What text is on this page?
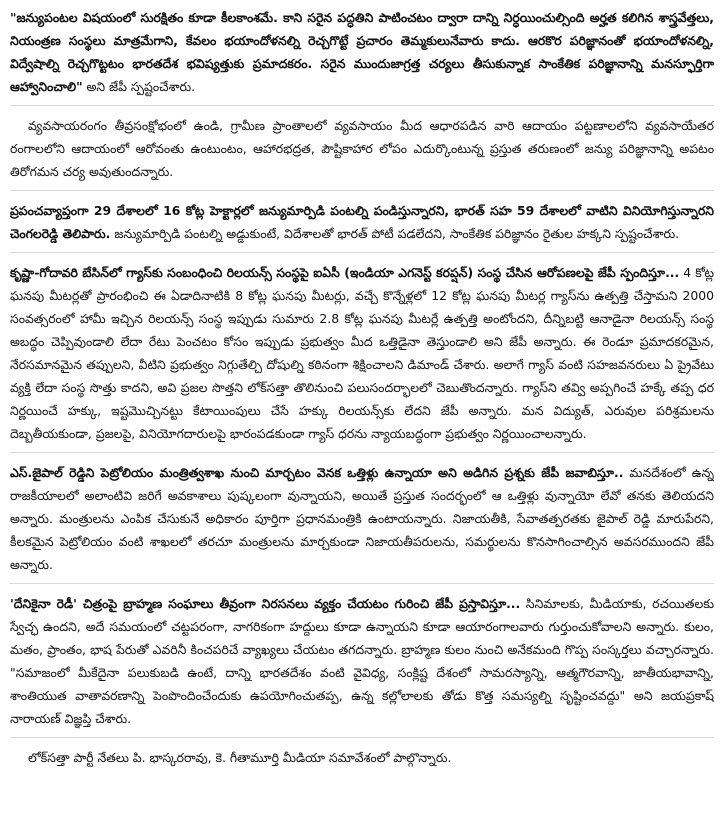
"జన్యుపంటల విషయంలో సురక్షితం కూడా కీలకాంశమే. కాని సరైన పద్ధతిని పాటించటం ద్వారా దాన్ని నిర్ధయించుల్సింది అర్హత కలిగిన శాస్త్రవేత్తలు, నియంత్రణ సంస్థలు మాత్రమేగాని, కేవలం భయాందోళనల్ని రెచ్చగొట్టే ప్రచారం తెమ్మకులునేవారు కాదు. ఆరకొర పరిజ్ఞానంతో భయాందోళనల్ని, విద్వేషాల్ని రెచ్చగొట్టటం భారతదేశ భవిష్యత్తుకు ప్రమాదకరం. సరైన ముందుజాగ్రత్త చర్యలు తీసుకున్నాక సాంకేతిక పరిజ్ఞానాన్ని మనస్ఫూర్తిగా ఆహ్వానించాలి" అని జేపీ స్పష్టంచేశారు.

వ్యవసాయరంగం తీవ్రసంక్షోభంలో ఉండి, గ్రామీణ ప్రాంతాలలో వ్యవసాయం మీద ఆధారపడిన వారి ఆదాయం పట్టణాలలోని వ్యవసాయేతర రంగాలలోని ఆదాయంలో ఆరోవంతు ఉంటుంటం, ఆహారభద్రత, పౌష్టికాహార లోపం ఎదుర్కొంటున్న ప్రస్తుత తరుణంలో జన్యు పరిజ్ఞానాన్ని అపటం తిరోగమన చర్య అవుతుందన్నారు.

ప్రపంచవ్యాప్తంగా 29 దేశాలలో 16 కోట్ల హెక్టార్లలో జన్యుమార్పిడి పంటల్ని పండిస్తున్నారని, భారత్ సహ 59 దేశాలలో వాటిని వినియోగిస్తున్నారని చెంగలరెడ్డి తెలిపారు. జన్యుమార్పిడి పంటల్ని అడ్డుకుంటే, విదేశాలతో భారత్ పోటీ పడలేదని, సాంకేతిక పరిజ్ఞానం రైతుల హక్కని స్పష్టంచేశారు.

కృష్ణా-గోదావరి బేసిన్‌లో గ్యాస్‌కు సంబంధించి రిలయన్స్ సంస్థపై ఐఏసీ (ఇండియా ఎగనెస్ట్ కరప్షన్) సంస్థ చేసిన ఆరోపణలపై జేపీ స్పందిస్తూ... 4 కోట్ల ఘనపు మీటర్లతో ప్రారంభించి ఈ ఏడాదినాటికి 8 కోట్ల ఘనపు మీటర్లు, వచ్చే కొన్నేళ్లలో 12 కోట్ల ఘనపు మీటర్ల గ్యాస్‌ను ఉత్పత్తి చేస్తామని 2000 సంవత్సరంలో హామీ ఇచ్చిన రిలయన్స్ సంస్థ ఇప్పుడు సుమారు 2.8 కోట్ల ఘనపు మీటర్లే ఉత్పత్తి అంటోందని, దీన్నిబట్టి ఆనాడైనా రిలయన్స్ సంస్థ అబద్ధం చెప్పివుండాలి లేదా రేటు పెంచటం కోసం ఇప్పుడు ప్రభుత్వం మీద ఒత్తిడైనా తెస్తుండాలి అని జేపీ అన్నారు. ఈ రెండూ ప్రమాదకరమైన, నేరసమానమైన తప్పులని, వీటిని ప్రభుత్వం నిగ్గుతేల్చి దోషుల్ని కఠినంగా శిక్షించాలని డిమాండ్ చేశారు. అలాగే గ్యాస్ వంటి సహజవనరులు ఏ ప్రైవేటు వ్యక్తి లేదా సంస్థ సొత్తు కాదని, అవి ప్రజల సొత్తని లోక్‌సత్తా తొలినుంచి పలుసందర్భాలలో చెబుతొందన్నారు. గ్యాస్‌ని తవ్వి అప్పగించే హక్కే తప్ప ధర నిర్ణయించే హక్కు, ఇష్టమొచ్చినట్టు కేటాయింపులు చేసే హక్కు రిలయన్స్‌కు లేదని జేపీ అన్నారు. మన విద్యుత్, ఎరువుల పరిశ్రమలను దెబ్బతీయకుండా, ప్రజలపై, వినియోగదారులపై భారంపడకుండా గ్యాస్ ధరను న్యాయబద్ధంగా ప్రభుత్వం నిర్ణయించాలన్నారు.

ఎస్.జైపాల్ రెడ్డిని పెట్రోలియం మంత్రిత్వశాఖ నుంచి మార్చటం వెనక ఒత్తిళ్లు ఉన్నాయా అని అడిగిన ప్రశ్నకు జేపీ జవాబిస్తూ.. మనదేశంలో ఉన్న రాజకీయాలలో అలాంటివి జరిగే అవకాశాలు పుష్కలంగా వున్నాయని, అయితే ప్రస్తుత సందర్భంలో ఆ ఒత్తిళ్లు వున్నాయో లేవో తనకు తెలియదని అన్నారు. మంత్రులను ఎంపిక చేసుకునే అధికారం పూర్తిగా ప్రధానమంత్రికి ఉంటాయన్నారు. నిజాయతీకి, సేవాతత్పరతకు జైపాల్ రెడ్డి మారుపేరని, కీలకమైన పెట్రోలియం వంటి శాఖలలో తరచూ మంత్రులను మార్చకుండా నిజాయతీపరులను, సమర్థులను కొనసాగించాల్సిన అవసరముందని జేపీ అన్నారు.

'దేనికైనా రెడీ' చిత్రంపై బ్రాహ్మణ సంఘాలు తీవ్రంగా నిరసనలు వ్యక్తం చేయటం గురించి జేపీ ప్రస్తావిస్తూ... సినిమాలకు, మీడియాకు, రచయితలకు స్వేచ్ఛ ఉందని, అదే సమయంలో చట్టపరంగా, నాగరికంగా హద్దులు కూడా ఉన్నాయని కూడా ఆయారంగాలవారు గుర్తుంచుకోవాలని అన్నారు. కులం, మతం, ప్రాంతం, భాష పేరుతో ఎవరినీ కించపరిచే వ్యాఖ్యలు చేయటం తగదన్నారు. బ్రాహ్మణ కులం నుంచి అనేకమంది గొప్ప సంస్కర్తలు వచ్చారన్నారు. "సమాజంలో మీకేదైనా పలుకుబడి ఉంటే, దాన్ని భారతదేశం వంటి వైవిధ్య, సంక్లిష్ట దేశంలో సామరస్యాన్ని, ఆత్మగౌరవాన్ని, జాతీయభావాన్ని, శాంతియుత వాతావరణాన్ని పెంపొందించేందుకు ఉపయోగించుతప్ప, ఉన్న కల్లోలాలకు తోడు కొత్త సమస్యల్ని సృష్టించవద్దు" అని జయప్రకాష్ నారాయణ్ విజ్ఞప్తి చేశారు.

లోక్‌సత్తా పార్టీ నేతలు పి. భాస్కరరావు, కె. గీతామూర్తి మీడియా సమావేశంలో పాల్గొన్నారు.
